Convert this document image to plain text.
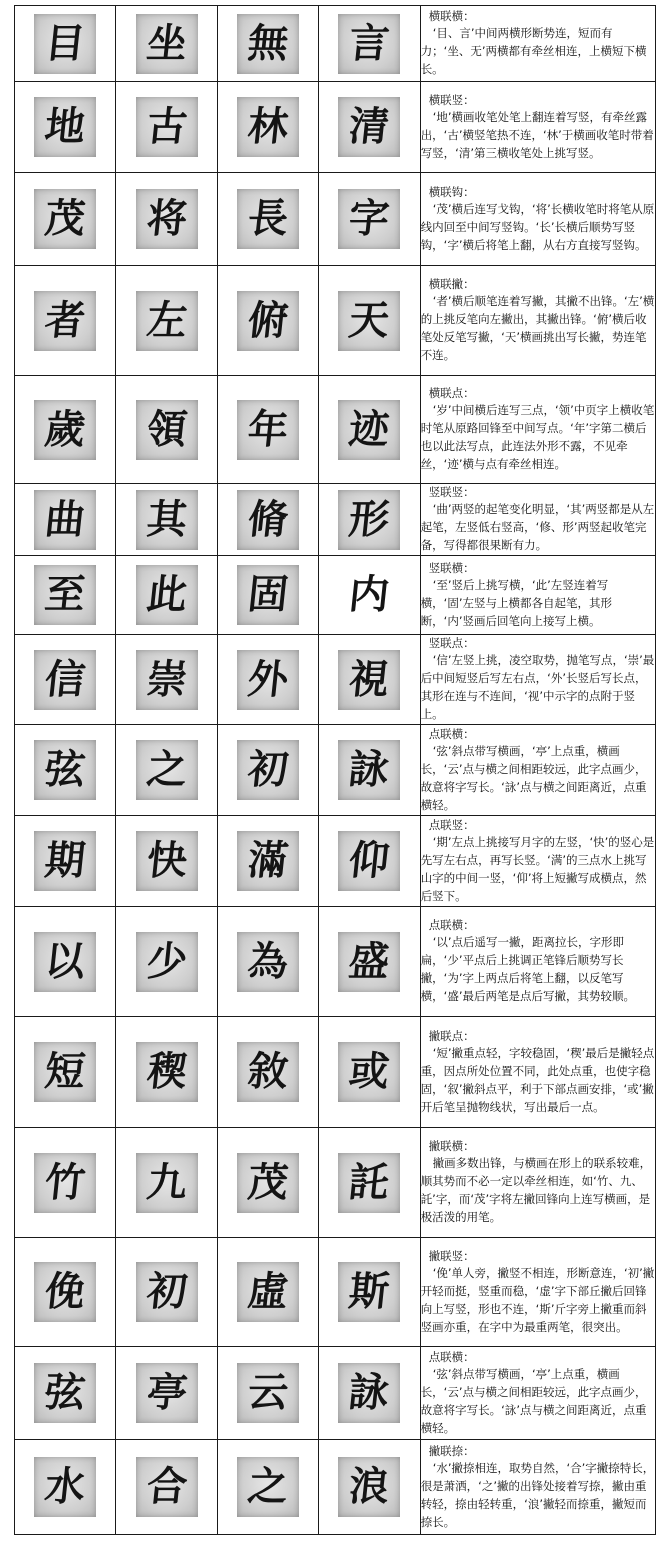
目	坐	無	言	横联横：
‘目、言’中间两横形断势连，短而有力；‘坐、无’两横都有牵丝相连，上横短下横长。

地	古	林	清	横联竖：
‘地’横画收笔处笔上翻连着写竖，有牵丝露出，‘古’横竖笔热不连，‘林’于横画收笔时带着写竖，‘清’第三横收笔处上挑写竖。

茂	将	長	字	横联钩：
‘茂’横后连写戈钩，‘将’长横收笔时将笔从原线内回至中间写竖钩。‘长’长横后顺势写竖钩，‘字’横后将笔上翻，从右方直接写竖钩。

者	左	俯	天	横联撇：
‘者’横后顺笔连着写撇，其撇不出锋。‘左’横的上挑反笔向左撇出，其撇出锋。‘俯’横后收笔处反笔写撇，‘天’横画挑出写长撇，势连笔不连。

歲	領	年	迹	横联点：
‘岁’中间横后连写三点，‘领’中页字上横收笔时笔从原路回锋至中间写点。‘年’字第二横后也以此法写点，此连法外形不露，不见牵丝，‘迹’横与点有牵丝相连。

曲	其	脩	形	竖联竖：
‘曲’两竖的起笔变化明显，‘其’两竖都是从左起笔，左竖低右竖高，‘修、形’两竖起收笔完备，写得都很果断有力。

至	此	固	内	竖联横：
‘至’竖后上挑写横，‘此’左竖连着写横，‘固’左竖与上横都各自起笔，其形断，‘内’竖画后回笔向上接写上横。

信	崇	外	視	竖联点：
‘信’左竖上挑，凌空取势，抛笔写点，‘崇’最后中间短竖后写左右点，‘外’长竖后写长点，其形在连与不连间，‘视’中示字的点附于竖上。

弦	之	初	詠	点联横：
‘弦’斜点带写横画，‘亭’上点重，横画长，‘云’点与横之间相距较远，此字点画少，故意将字写长。‘詠’点与横之间距离近，点重横轻。

期	快	滿	仰	点联竖：
‘期’左点上挑接写月字的左竖，‘快’的竖心是先写左右点，再写长竖。‘满’的三点水上挑写山字的中间一竖，‘仰’将上短撇写成横点，然后竖下。

以	少	為	盛	点联横：
‘以’点后遥写一撇，距离拉长，字形即扁，‘少’平点后上挑调正笔锋后顺势写长撇，‘为’字上两点后将笔上翻，以反笔写横，‘盛’最后两笔是点后写撇，其势较顺。

短	稧	敘	或	撇联点：
‘短’撇重点轻，字较稳固，‘稧’最后是撇轻点重，因点所处位置不同，此处点重，也使字稳固，‘叙’撇斜点平，利于下部点画安排，‘或’撇开后笔呈抛物线状，写出最后一点。

竹	九	茂	託	撇联横：
撇画多数出锋，与横画在形上的联系较难，顺其势而不必一定以牵丝相连，如‘竹、九、託’字，而‘茂’字将左撇回锋向上连写横画，是极活泼的用笔。

俛	初	虛	斯	撇联竖：
‘俛’单人旁，撇竖不相连，形断意连，‘初’撇开轻而挺，竖重而稳，‘虚’字下部丘撇后回锋向上写竖，形也不连，‘斯’斤字旁上撇重而斜竖画亦重，在字中为最重两笔，很突出。

弦	亭	云	詠	点联横：
‘弦’斜点带写横画，‘亭’上点重，横画长，‘云’点与横之间相距较远，此字点画少，故意将字写长。‘詠’点与横之间距离近，点重横轻。

水	合	之	浪	撇联捺：
‘水’撇捺相连，取势自然，‘合’字撇捺特长，很是萧洒，‘之’撇的出锋处接着写捺，撇由重转轻，捺由轻转重，‘浪’撇轻而捺重，撇短而捺长。
